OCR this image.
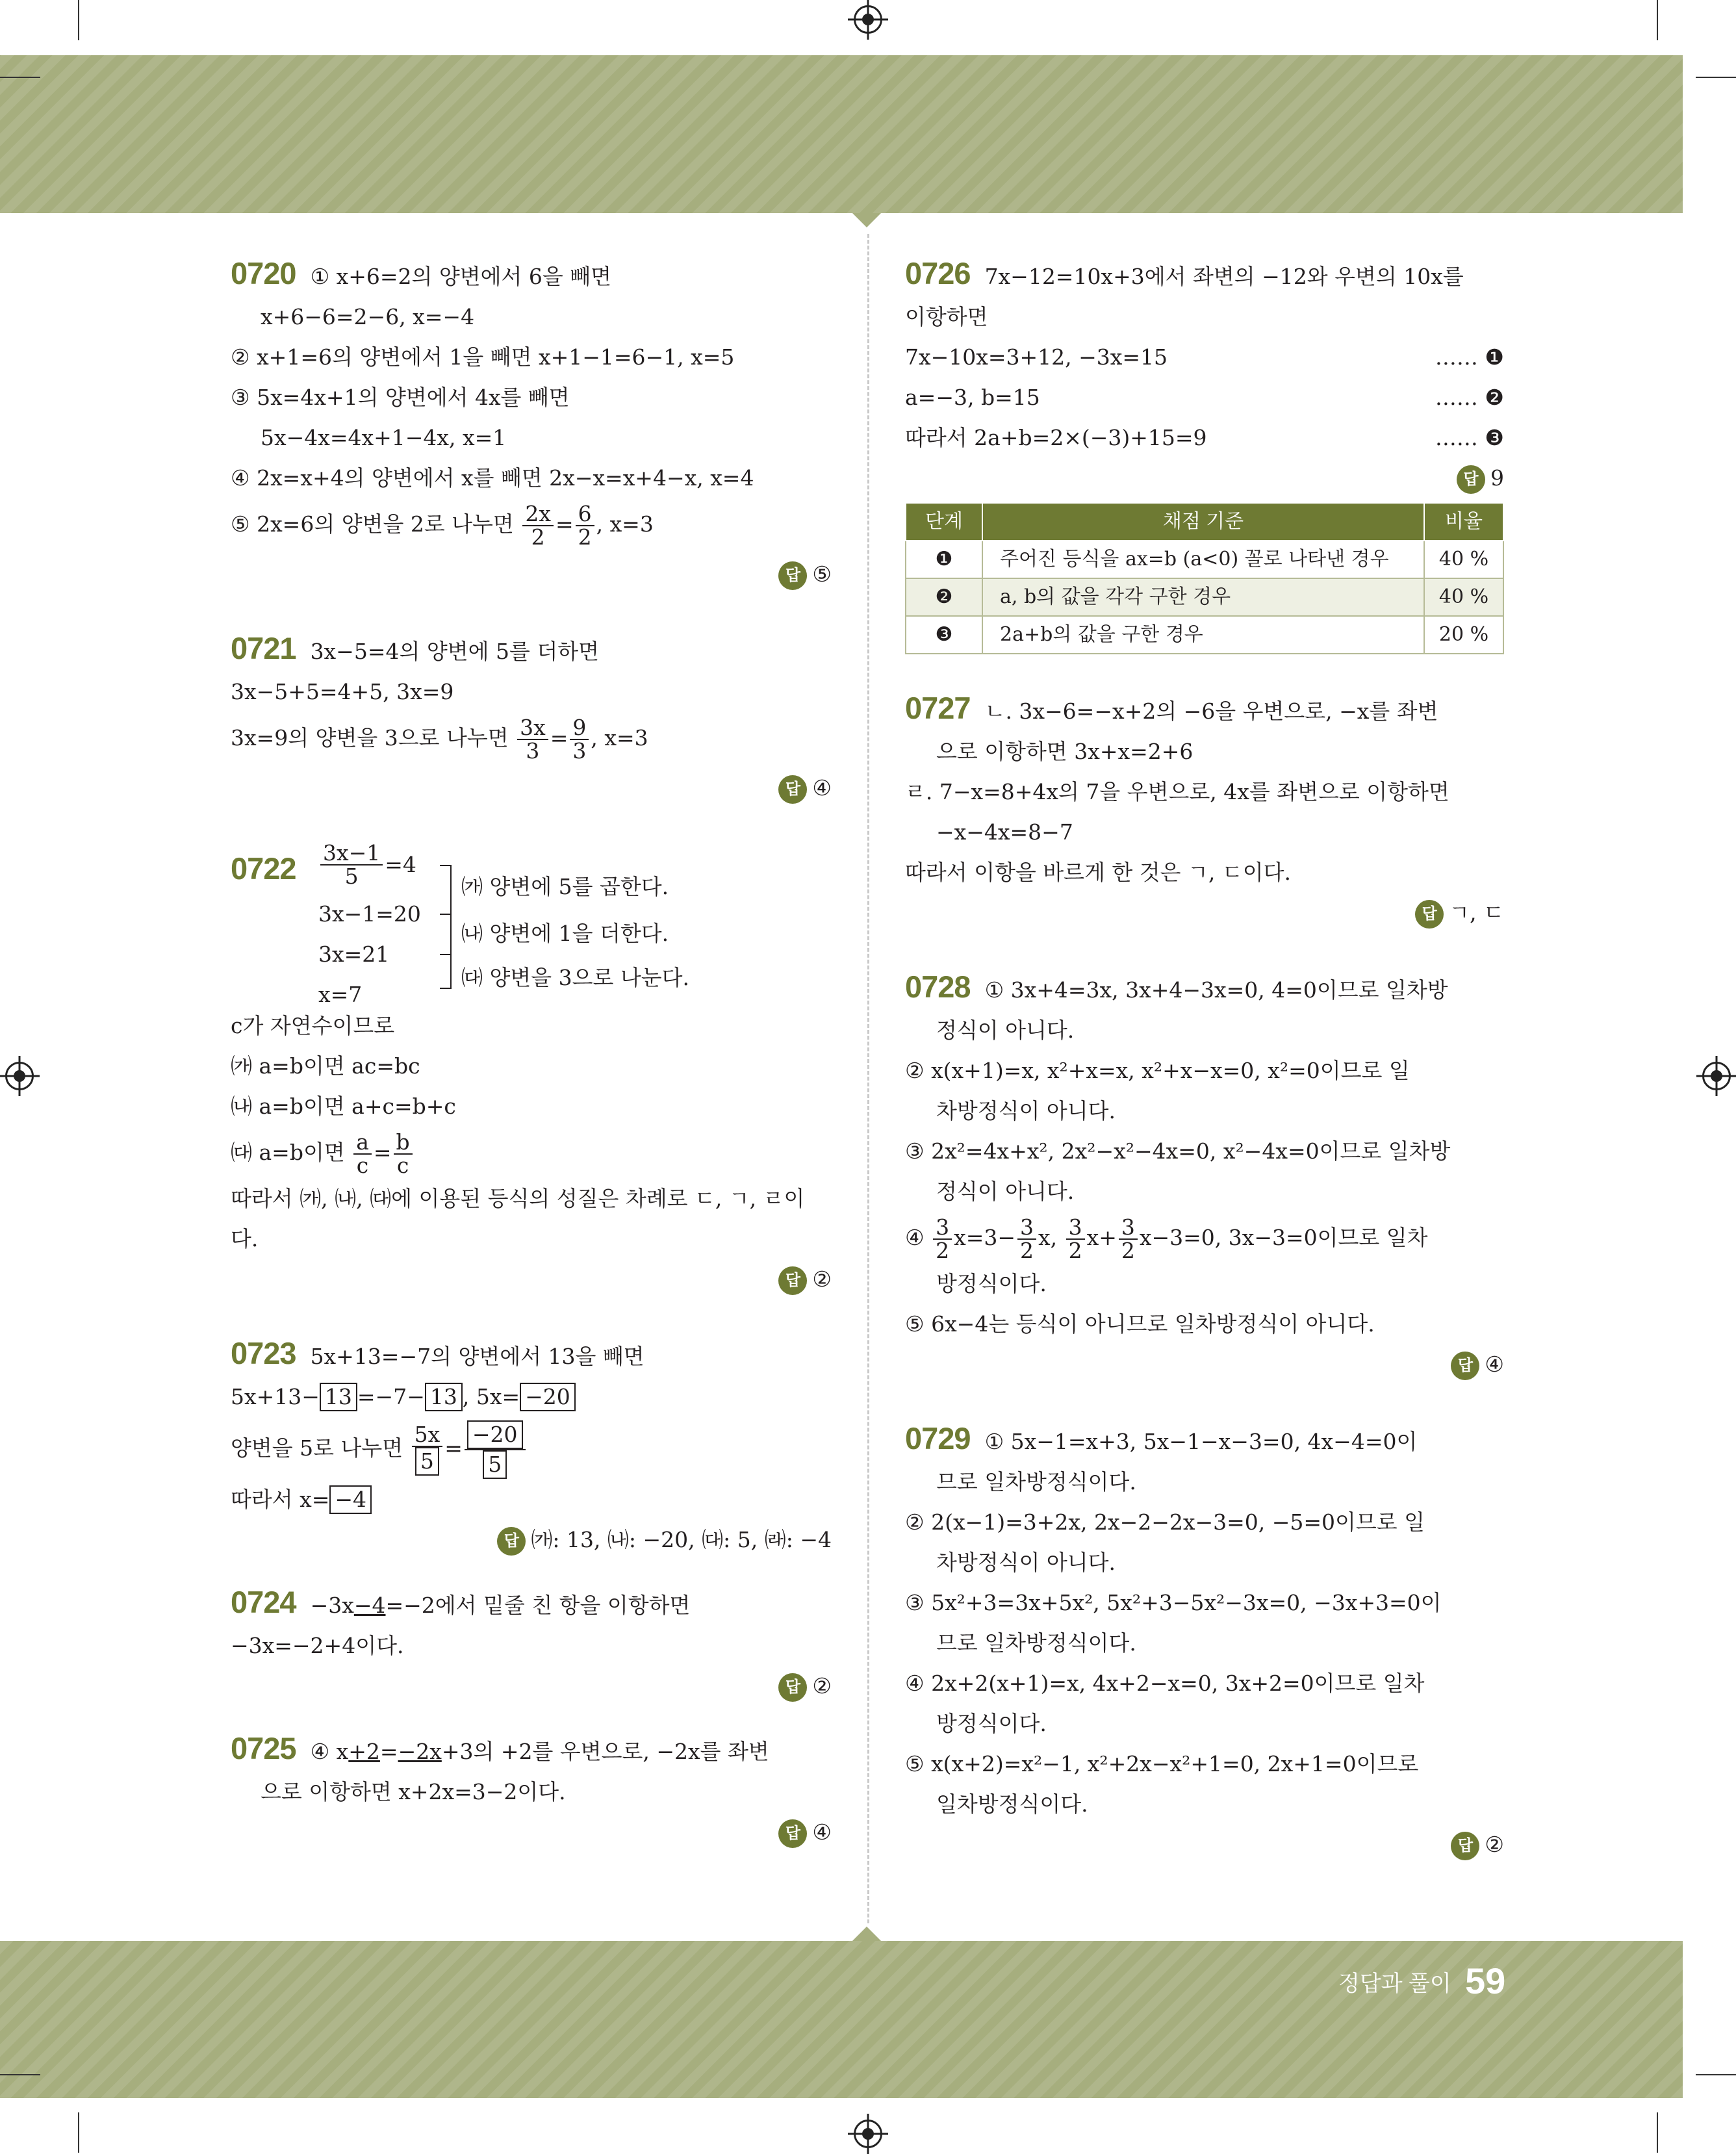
0720 ① x+6=2의 양변에서 6을 빼면
x+6−6=2−6, x=−4
② x+1=6의 양변에서 1을 빼면 x+1−1=6−1, x=5
③ 5x=4x+1의 양변에서 4x를 빼면
5x−4x=4x+1−4x, x=1
④ 2x=x+4의 양변에서 x를 빼면 2x−x=x+4−x, x=4
⑤ 2x=6의 양변을 2로 나누면 $\frac{2x}{2} = \frac{6}{2}$ , x=3
답 ⑤
0721 3x−5=4의 양변에 5를 더하면
3x−5+5=4+5, 3x=9
3x=9의 양변을 3으로 나누면 $\frac{3x}{3} = \frac{9}{3}$ , x=3
답 ④
$0722 \frac{3x-1}{5} =4$
3x−1=20
3x=21
x=7
㈎ 양변에 5를 곱한다.
㈏ 양변에 1을 더한다.
㈐ 양변을 3으로 나눈다.
c가 자연수이므로
㈎ a=b이면 ac=bc
㈏ a=b이면 a+c=b+c
㈐ a=b이면 $\frac{a}{c} = \frac{b}{c}$
따라서 ㈎, ㈏, ㈐에 이용된 등식의 성질은 차례로 ㄷ, ㄱ, ㄹ이
다.
답 ②
0723 5x+13=−7의 양변에서 13을 빼면
5x+13− 13 =−7− 13 , 5x= −20
양변을 5로 나누면 $\frac{5x}{5} = \frac{-20}{5}$
따라서 x= −4
답 ㈎: 13, ㈏: −20, ㈐: 5, ㈑: −4
0724 −3x−4=−2에서 밑줄 친 항을 이항하면
−3x=−2+4이다.
답 ②
0725 ④ x+2=−2x+3의 +2를 우변으로, −2x를 좌변
으로 이항하면 x+2x=3−2이다.
답 ④
0726 7x−12=10x+3에서 좌변의 −12와 우변의 10x를
이항하면
7x−10x=3+12, −3x=15	…… ❶
a=−3, b=15	…… ❷
따라서 2a+b=2×(−3)+15=9	…… ❸
답 9
단계	채점 기준	비율
❶	주어진 등식을 ax=b (a<0) 꼴로 나타낸 경우	40 %
❷	a, b의 값을 각각 구한 경우	40 %
❸	2a+b의 값을 구한 경우	20 %
0727 ㄴ. 3x−6=−x+2의 −6을 우변으로, −x를 좌변
으로 이항하면 3x+x=2+6
ㄹ. 7−x=8+4x의 7을 우변으로, 4x를 좌변으로 이항하면
−x−4x=8−7
따라서 이항을 바르게 한 것은 ㄱ, ㄷ이다.
답 ㄱ, ㄷ
0728 ① 3x+4=3x, 3x+4−3x=0, 4=0이므로 일차방
정식이 아니다.
② x(x+1)=x, x²+x=x, x²+x−x=0, x²=0이므로 일
차방정식이 아니다.
③ 2x²=4x+x², 2x²−x²−4x=0, x²−4x=0이므로 일차방
정식이 아니다.
④ $\frac{3}{2} x=3- \frac{3}{2} x$, $\frac{3}{2} x+ \frac{3}{2} x-3=0$, 3x−3=0이므로 일차
방정식이다.
⑤ 6x−4는 등식이 아니므로 일차방정식이 아니다.
답 ④
0729 ① 5x−1=x+3, 5x−1−x−3=0, 4x−4=0이
므로 일차방정식이다.
② 2(x−1)=3+2x, 2x−2−2x−3=0, −5=0이므로 일
차방정식이 아니다.
③ 5x²+3=3x+5x², 5x²+3−5x²−3x=0, −3x+3=0이
므로 일차방정식이다.
④ 2x+2(x+1)=x, 4x+2−x=0, 3x+2=0이므로 일차
방정식이다.
⑤ x(x+2)=x²−1, x²+2x−x²+1=0, 2x+1=0이므로
일차방정식이다.
답 ②
정답과 풀이 59
